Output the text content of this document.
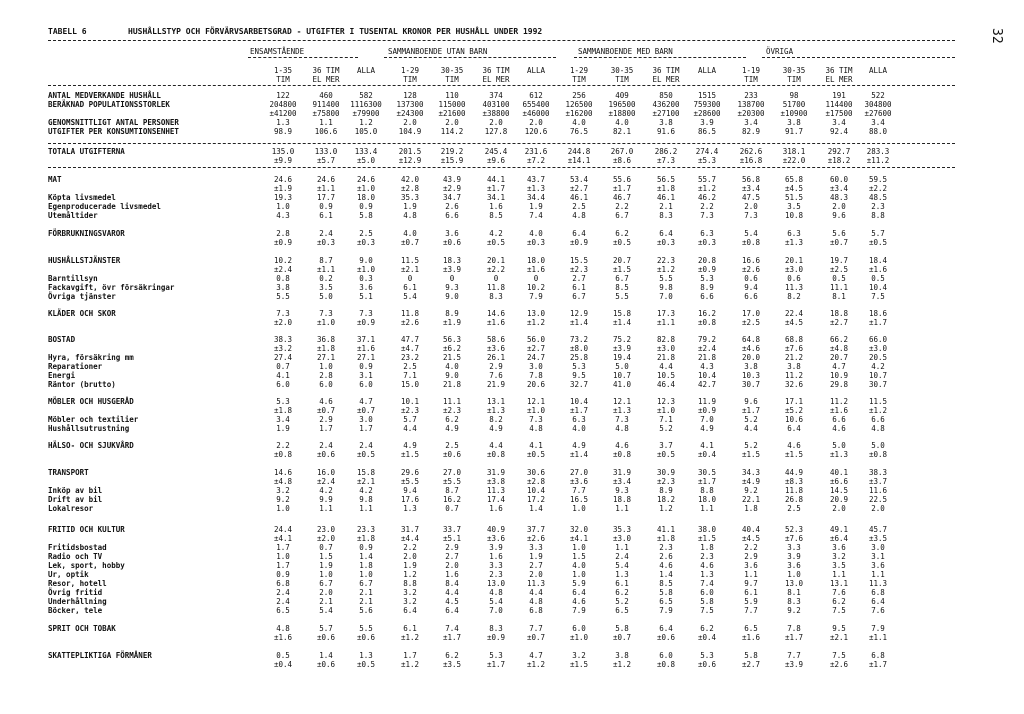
32
TABELL 6	HUSHÅLLSTYP OCH FÖRVÄRVSARBETSGRAD - UTGIFTER I TUSENTAL KRONOR PER HUSHÅLL UNDER 1992
ENSAMSTÅENDE	SAMMANBOENDE UTAN BARN	SAMMANBOENDE MED BARN	ÖVRIGA
1-35	36 TIM	ALLA	1-29	30-35	36 TIM	ALLA	1-29	30-35	36 TIM	ALLA	1-19	30-35	36 TIM	ALLA
TIM	EL MER	TIM	TIM	EL MER	TIM	TIM	EL MER	TIM	TIM	EL MER
ANTAL MEDVERKANDE HUSHÅLL	122	460	582	128	110	374	612	256	409	850	1515	233	98	191	522
BERÄKNAD POPULATIONSSTORLEK	204800	911400	1116300	137300	115000	403100	655400	126500	196500	436200	759300	138700	51700	114400	304800
±41200	±75800	±79900	±24300	±21600	±38800	±46000	±16200	±18800	±27100	±28600	±20300	±10900	±17500	±27600
GENOMSNITTLIGT ANTAL PERSONER	1.3	1.1	1.2	2.0	2.0	2.0	2.0	4.0	4.0	3.8	3.9	3.4	3.8	3.4	3.4
UTGIFTER PER KONSUMTIONSENHET	98.9	106.6	105.0	104.9	114.2	127.8	120.6	76.5	82.1	91.6	86.5	82.9	91.7	92.4	88.0
TOTALA UTGIFTERNA	135.0	133.0	133.4	201.5	219.2	245.4	231.6	244.8	267.0	286.2	274.4	262.6	318.1	292.7	283.3
±9.9	±5.7	±5.0	±12.9	±15.9	±9.6	±7.2	±14.1	±8.6	±7.3	±5.3	±16.8	±22.0	±18.2	±11.2
MAT	24.6	24.6	24.6	42.0	43.9	44.1	43.7	53.4	55.6	56.5	55.7	56.8	65.8	60.0	59.5
±1.9	±1.1	±1.0	±2.8	±2.9	±1.7	±1.3	±2.7	±1.7	±1.8	±1.2	±3.4	±4.5	±3.4	±2.2
Köpta livsmedel	19.3	17.7	18.0	35.3	34.7	34.1	34.4	46.1	46.7	46.1	46.2	47.5	51.5	48.3	48.5
Egenproducerade livsmedel	1.0	0.9	0.9	1.9	2.6	1.6	1.9	2.5	2.2	2.1	2.2	2.0	3.5	2.0	2.3
Utemåltider	4.3	6.1	5.8	4.8	6.6	8.5	7.4	4.8	6.7	8.3	7.3	7.3	10.8	9.6	8.8
FÖRBRUKNINGSVAROR	2.8	2.4	2.5	4.0	3.6	4.2	4.0	6.4	6.2	6.4	6.3	5.4	6.3	5.6	5.7
±0.9	±0.3	±0.3	±0.7	±0.6	±0.5	±0.3	±0.9	±0.5	±0.3	±0.3	±0.8	±1.3	±0.7	±0.5
HUSHÅLLSTJÄNSTER	10.2	8.7	9.0	11.5	18.3	20.1	18.0	15.5	20.7	22.3	20.8	16.6	20.1	19.7	18.4
±2.4	±1.1	±1.0	±2.1	±3.9	±2.2	±1.6	±2.3	±1.5	±1.2	±0.9	±2.6	±3.0	±2.5	±1.6
Barntillsyn	0.8	0.2	0.3	0	0	0	0	2.7	6.7	5.5	5.3	0.6	0.6	0.5	0.5
Fackavgift, övr försäkringar	3.8	3.5	3.6	6.1	9.3	11.8	10.2	6.1	8.5	9.8	8.9	9.4	11.3	11.1	10.4
Övriga tjänster	5.5	5.0	5.1	5.4	9.0	8.3	7.9	6.7	5.5	7.0	6.6	6.6	8.2	8.1	7.5
KLÄDER OCH SKOR	7.3	7.3	7.3	11.8	8.9	14.6	13.0	12.9	15.8	17.3	16.2	17.0	22.4	18.8	18.6
±2.0	±1.0	±0.9	±2.6	±1.9	±1.6	±1.2	±1.4	±1.4	±1.1	±0.8	±2.5	±4.5	±2.7	±1.7
BOSTAD	38.3	36.8	37.1	47.7	56.3	58.6	56.0	73.2	75.2	82.8	79.2	64.8	68.8	66.2	66.0
±3.2	±1.8	±1.6	±4.7	±6.2	±3.6	±2.7	±8.0	±3.9	±3.0	±2.4	±4.6	±7.6	±4.8	±3.0
Hyra, försäkring mm	27.4	27.1	27.1	23.2	21.5	26.1	24.7	25.8	19.4	21.8	21.8	20.0	21.2	20.7	20.5
Reparationer	0.7	1.0	0.9	2.5	4.0	2.9	3.0	5.3	5.0	4.4	4.3	3.8	3.8	4.7	4.2
Energi	4.1	2.8	3.1	7.1	9.0	7.6	7.8	9.5	10.7	10.5	10.4	10.3	11.2	10.9	10.7
Räntor (brutto)	6.0	6.0	6.0	15.0	21.8	21.9	20.6	32.7	41.0	46.4	42.7	30.7	32.6	29.8	30.7
MÖBLER OCH HUSGERÅD	5.3	4.6	4.7	10.1	11.1	13.1	12.1	10.4	12.1	12.3	11.9	9.6	17.1	11.2	11.5
±1.8	±0.7	±0.7	±2.3	±2.3	±1.3	±1.0	±1.7	±1.3	±1.0	±0.9	±1.7	±5.2	±1.6	±1.2
Möbler och textilier	3.4	2.9	3.0	5.7	6.2	8.2	7.3	6.3	7.3	7.1	7.0	5.2	10.6	6.6	6.6
Hushållsutrustning	1.9	1.7	1.7	4.4	4.9	4.9	4.8	4.0	4.8	5.2	4.9	4.4	6.4	4.6	4.8
HÄLSO- OCH SJUKVÅRD	2.2	2.4	2.4	4.9	2.5	4.4	4.1	4.9	4.6	3.7	4.1	5.2	4.6	5.0	5.0
±0.8	±0.6	±0.5	±1.5	±0.6	±0.8	±0.5	±1.4	±0.8	±0.5	±0.4	±1.5	±1.5	±1.3	±0.8
TRANSPORT	14.6	16.0	15.8	29.6	27.0	31.9	30.6	27.0	31.9	30.9	30.5	34.3	44.9	40.1	38.3
±4.8	±2.4	±2.1	±5.5	±5.5	±3.8	±2.8	±3.6	±3.4	±2.3	±1.7	±4.9	±8.3	±6.6	±3.7
Inköp av bil	3.2	4.2	4.2	9.4	8.7	11.3	10.4	7.7	9.3	8.9	8.8	9.2	11.8	14.5	11.6
Drift av bil	9.2	9.9	9.8	17.6	16.2	17.4	17.2	16.5	18.8	18.2	18.0	22.1	26.8	20.9	22.5
Lokalresor	1.0	1.1	1.1	1.3	0.7	1.6	1.4	1.0	1.1	1.2	1.1	1.8	2.5	2.0	2.0
FRITID OCH KULTUR	24.4	23.0	23.3	31.7	33.7	40.9	37.7	32.0	35.3	41.1	38.0	40.4	52.3	49.1	45.7
±4.1	±2.0	±1.8	±4.4	±5.1	±3.6	±2.6	±4.1	±3.0	±1.8	±1.5	±4.5	±7.6	±6.4	±3.5
Fritidsbostad	1.7	0.7	0.9	2.2	2.9	3.9	3.3	1.0	1.1	2.3	1.8	2.2	3.3	3.6	3.0
Radio och TV	1.0	1.5	1.4	2.0	2.7	1.6	1.9	1.5	2.4	2.6	2.3	2.9	3.9	3.2	3.1
Lek, sport, hobby	1.7	1.9	1.8	1.9	2.0	3.3	2.7	4.0	5.4	4.6	4.6	3.6	3.6	3.5	3.6
Ur, optik	0.9	1.0	1.0	1.2	1.6	2.3	2.0	1.0	1.3	1.4	1.3	1.1	1.0	1.1	1.1
Resor, hotell	6.8	6.7	6.7	8.8	8.4	13.0	11.3	5.9	6.1	8.5	7.4	9.7	13.0	13.1	11.3
Övrig fritid	2.4	2.0	2.1	3.2	4.4	4.8	4.4	6.4	6.2	5.8	6.0	6.1	8.1	7.6	6.8
Underhållning	2.4	2.1	2.1	3.2	4.5	5.4	4.8	4.6	5.2	6.5	5.8	5.9	8.3	6.2	6.4
Böcker, tele	6.5	5.4	5.6	6.4	6.4	7.0	6.8	7.9	6.5	7.9	7.5	7.7	9.2	7.5	7.6
SPRIT OCH TOBAK	4.8	5.7	5.5	6.1	7.4	8.3	7.7	6.0	5.8	6.4	6.2	6.5	7.8	9.5	7.9
±1.6	±0.6	±0.6	±1.2	±1.7	±0.9	±0.7	±1.0	±0.7	±0.6	±0.4	±1.6	±1.7	±2.1	±1.1
SKATTEPLIKTIGA FÖRMÅNER	0.5	1.4	1.3	1.7	6.2	5.3	4.7	3.2	3.8	6.0	5.3	5.8	7.7	7.5	6.8
±0.4	±0.6	±0.5	±1.2	±3.5	±1.7	±1.2	±1.5	±1.2	±0.8	±0.6	±2.7	±3.9	±2.6	±1.7
